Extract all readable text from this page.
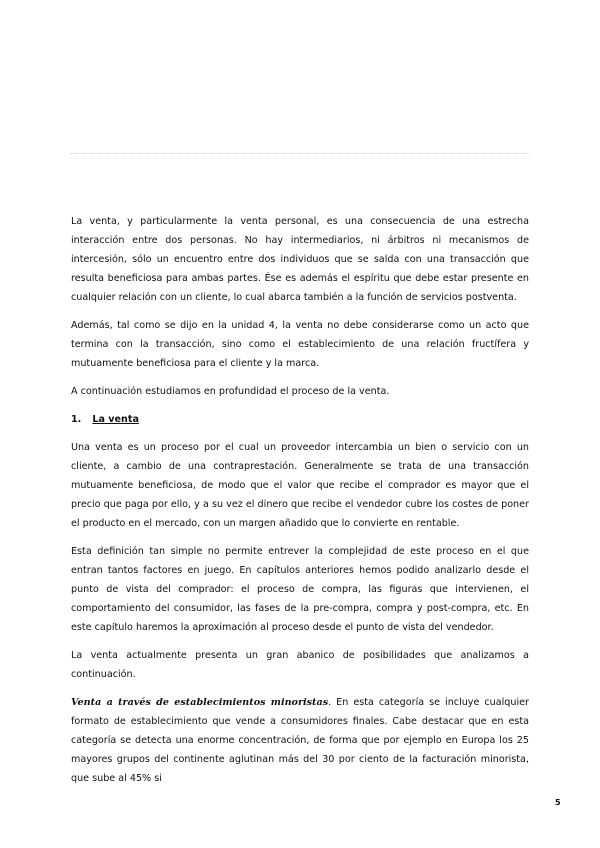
La venta, y particularmente la venta personal, es una consecuencia de una estrecha interacción entre dos personas. No hay intermediarios, ni árbitros ni mecanismos de intercesión, sólo un encuentro entre dos individuos que se salda con una transacción que resulta beneficiosa para ambas partes. Ése es además el espíritu que debe estar presente en cualquier relación con un cliente, lo cual abarca también a la función de servicios postventa.

Además, tal como se dijo en la unidad 4, la venta no debe considerarse como un acto que termina con la transacción, sino como el establecimiento de una relación fructífera y mutuamente beneficiosa para el cliente y la marca.

A continuación estudiamos en profundidad el proceso de la venta.

1. La venta

Una venta es un proceso por el cual un proveedor intercambia un bien o servicio con un cliente, a cambio de una contraprestación. Generalmente se trata de una transacción mutuamente beneficiosa, de modo que el valor que recibe el comprador es mayor que el precio que paga por ello, y a su vez el dinero que recibe el vendedor cubre los costes de poner el producto en el mercado, con un margen añadido que lo convierte en rentable.

Esta definición tan simple no permite entrever la complejidad de este proceso en el que entran tantos factores en juego. En capítulos anteriores hemos podido analizarlo desde el punto de vista del comprador: el proceso de compra, las figuras que intervienen, el comportamiento del consumidor, las fases de la pre-compra, compra y post-compra, etc. En este capítulo haremos la aproximación al proceso desde el punto de vista del vendedor.

La venta actualmente presenta un gran abanico de posibilidades que analizamos a continuación.

Venta a través de establecimientos minoristas. En esta categoría se incluye cualquier formato de establecimiento que vende a consumidores finales. Cabe destacar que en esta categoría se detecta una enorme concentración, de forma que por ejemplo en Europa los 25 mayores grupos del continente aglutinan más del 30 por ciento de la facturación minorista, que sube al 45% si

5
